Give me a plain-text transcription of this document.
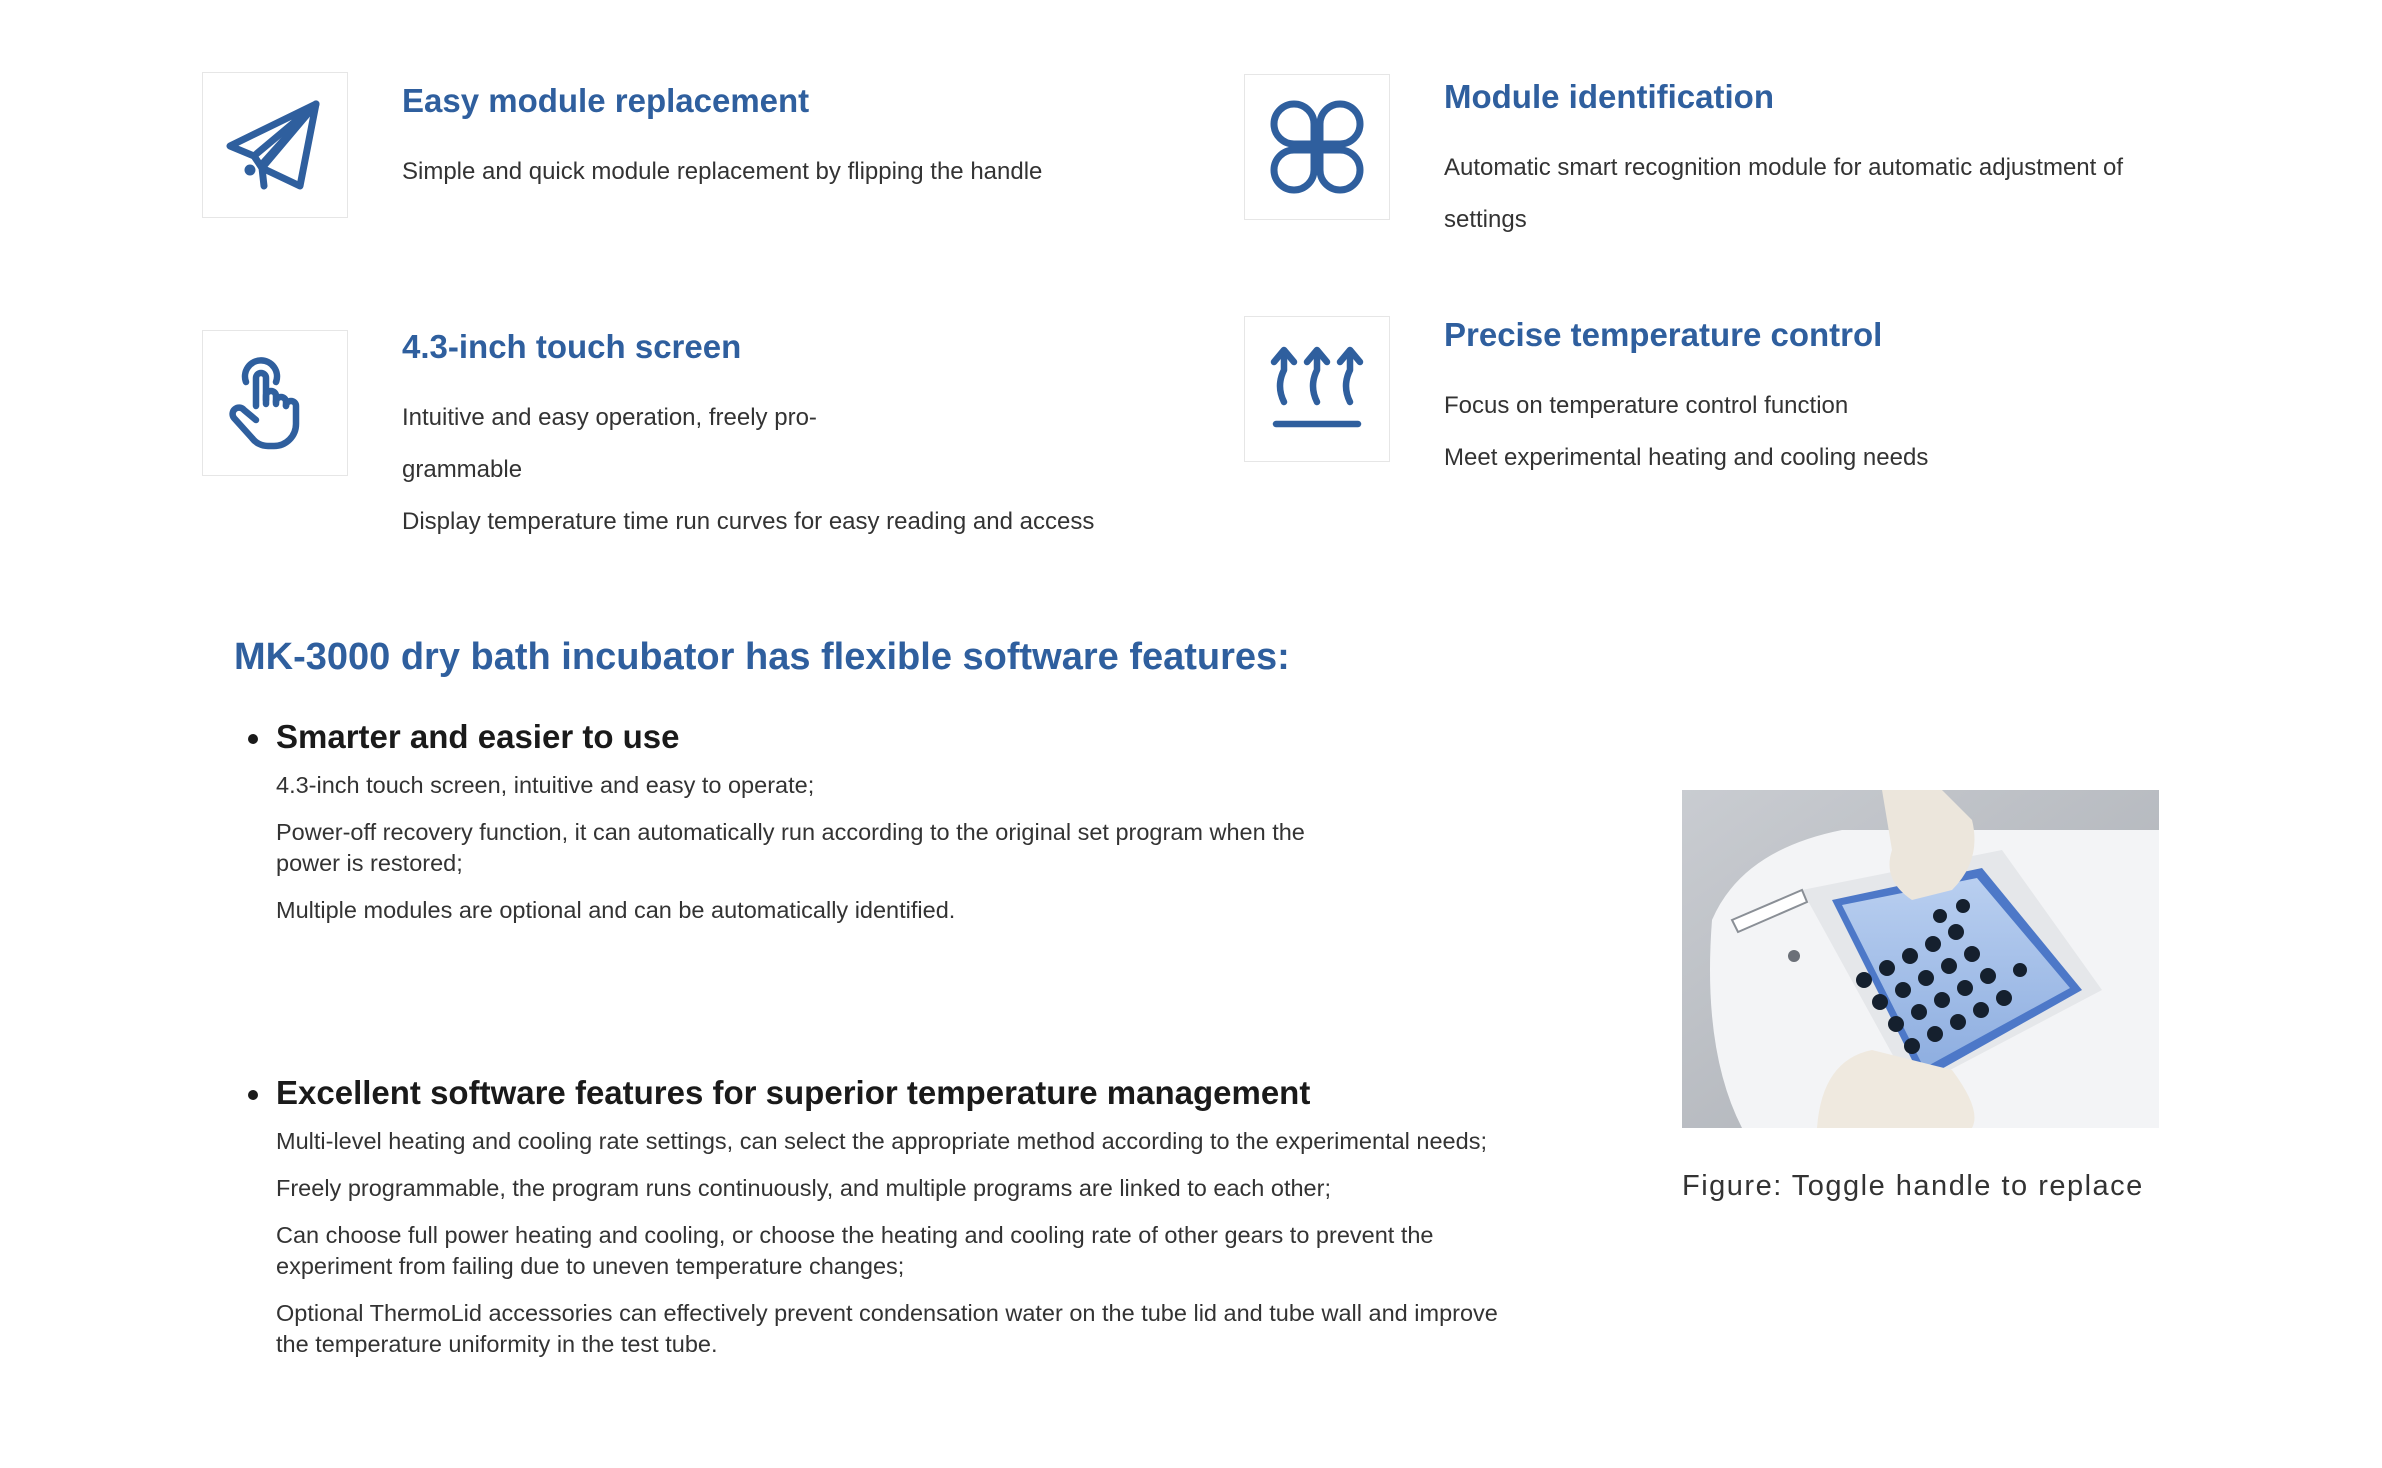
Easy module replacement

Simple and quick module replacement by flipping the handle

Module identification

Automatic smart recognition module for automatic adjustment of settings

4.3-inch touch screen

Intuitive and easy operation, freely pro-

grammable

Display temperature time run curves for easy reading and access

Precise temperature control

Focus on temperature control function

Meet experimental heating and cooling needs

MK-3000 dry bath incubator has flexible software features:
Smarter and easier to use

4.3-inch touch screen, intuitive and easy to operate;

Power-off recovery function, it can automatically run according to the original set program when the power is restored;

Multiple modules are optional and can be automatically identified.

Excellent software features for superior temperature management

Multi-level heating and cooling rate settings, can select the appropriate method according to the experimental needs;

Freely programmable, the program runs continuously, and multiple programs are linked to each other;

Can choose full power heating and cooling, or choose the heating and cooling rate of other gears to prevent the experiment from failing due to uneven temperature changes;

Optional ThermoLid accessories can effectively prevent condensation water on the tube lid and tube wall and improve the temperature uniformity in the test tube.

Figure: Toggle handle to replace
